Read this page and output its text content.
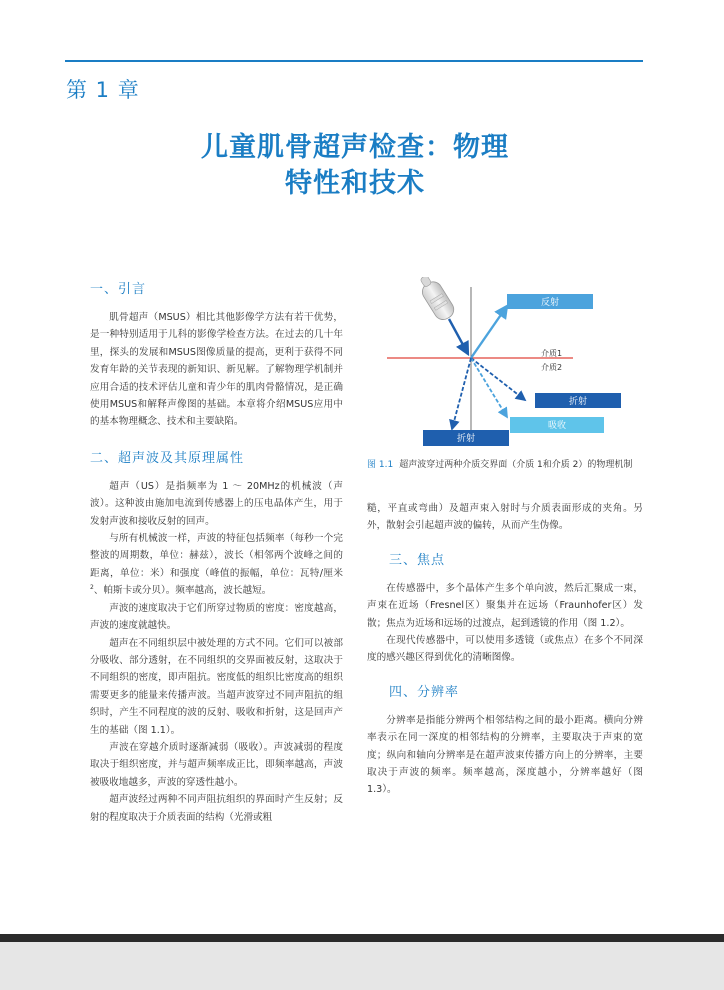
第 1 章
儿童肌骨超声检查：物理
特性和技术
一、引言

肌骨超声（MSUS）相比其他影像学方法有若干优势，是一种特别适用于儿科的影像学检查方法。在过去的几十年里，探头的发展和MSUS图像质量的提高，更利于获得不同发育年龄的关节表现的新知识、新见解。了解物理学机制并应用合适的技术评估儿童和青少年的肌肉骨骼情况，是正确使用MSUS和解释声像图的基础。本章将介绍MSUS应用中的基本物理概念、技术和主要缺陷。

二、超声波及其原理属性

超声（US）是指频率为 1 ～ 20MHz的机械波（声波）。这种波由施加电流到传感器上的压电晶体产生，用于发射声波和接收反射的回声。

与所有机械波一样，声波的特征包括频率（每秒一个完整波的周期数，单位：赫兹），波长（相邻两个波峰之间的距离，单位：米）和强度（峰值的振幅，单位：瓦特/厘米$^2$、帕斯卡或分贝）。频率越高，波长越短。

声波的速度取决于它们所穿过物质的密度：密度越高，声波的速度就越快。

超声在不同组织层中被处理的方式不同。它们可以被部分吸收、部分透射，在不同组织的交界面被反射，这取决于不同组织的密度，即声阻抗。密度低的组织比密度高的组织需要更多的能量来传播声波。当超声波穿过不同声阻抗的组织时，产生不同程度的波的反射、吸收和折射，这是回声产生的基础（图 1.1）。

声波在穿越介质时逐渐减弱（吸收）。声波减弱的程度取决于组织密度，并与超声频率成正比，即频率越高，声波被吸收地越多，声波的穿透性越小。

超声波经过两种不同声阻抗组织的界面时产生反射；反射的程度取决于介质表面的结构（光滑或粗

反射
介质1
介质2
折射
吸收
折射
图 1.1 超声波穿过两种介质交界面（介质 1和介质 2）的物理机制

糙，平直或弯曲）及超声束入射时与介质表面形成的夹角。另外，散射会引起超声波的偏转，从而产生伪像。

三、焦点

在传感器中，多个晶体产生多个单向波，然后汇聚成一束，声束在近场（Fresnel区）聚集并在远场（Fraunhofer区）发散；焦点为近场和远场的过渡点，起到透镜的作用（图 1.2）。

在现代传感器中，可以使用多透镜（或焦点）在多个不同深度的感兴趣区得到优化的清晰图像。

四、分辨率

分辨率是指能分辨两个相邻结构之间的最小距离。横向分辨率表示在同一深度的相邻结构的分辨率，主要取决于声束的宽度；纵向和轴向分辨率是在超声波束传播方向上的分辨率，主要取决于声波的频率。频率越高，深度越小，分辨率越好（图 1.3）。
